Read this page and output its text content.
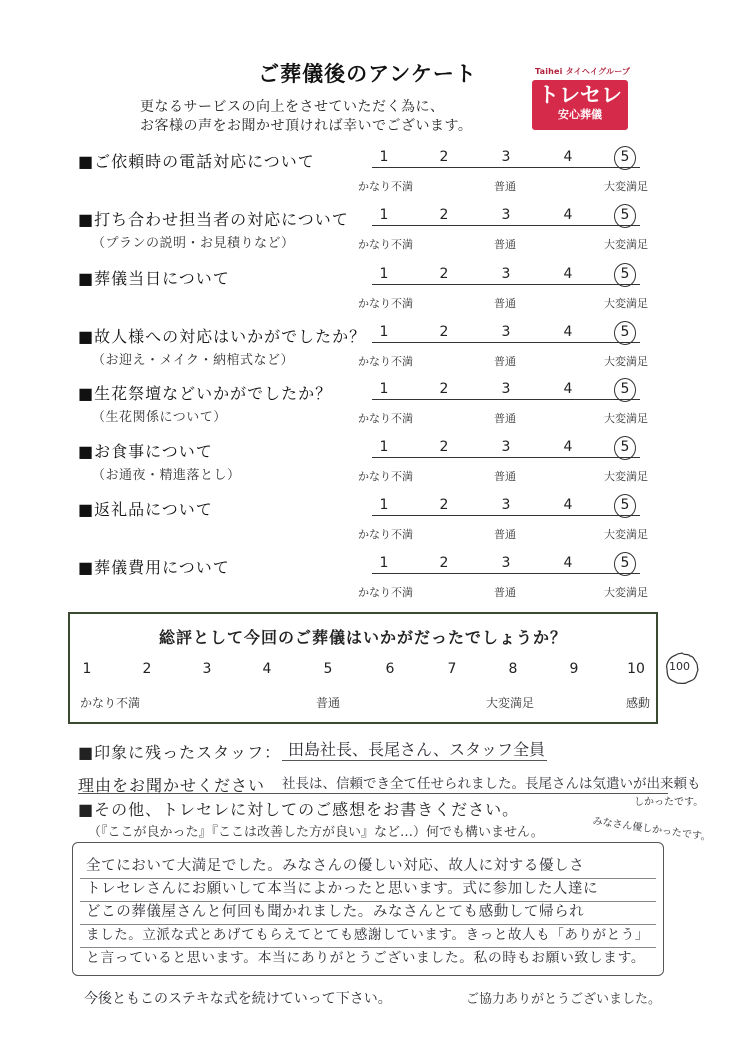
ご葬儀後のアンケート
更なるサービスの向上をさせていただく為に、
お客様の声をお聞かせ頂ければ幸いでございます。
Taihei タイヘイグループ
トレセレ
安心葬儀
■ご依頼時の電話対応について	1	2	3	4	5
かなり不満	普通	大変満足
■打ち合わせ担当者の対応について
（プランの説明・お見積りなど）
1	2	3	4	5
かなり不満	普通	大変満足
■葬儀当日について	1	2	3	4	5
かなり不満	普通	大変満足
■故人様への対応はいかがでしたか？
（お迎え・メイク・納棺式など）
1	2	3	4	5
かなり不満	普通	大変満足
■生花祭壇などいかがでしたか？
（生花関係について）
1	2	3	4	5
かなり不満	普通	大変満足
■お食事について
（お通夜・精進落とし）
1	2	3	4	5
かなり不満	普通	大変満足
■返礼品について	1	2	3	4	5
かなり不満	普通	大変満足
■葬儀費用について	1	2	3	4	5
かなり不満	普通	大変満足
総評として今回のご葬儀はいかがだったでしょうか？
1	2	3	4	5	6	7	8	9	10
かなり不満	普通	大変満足	感動
100
■印象に残ったスタッフ： 田島社長、長尾さん、スタッフ全員
理由をお聞かせください 社長は、信頼でき全て任せられました。長尾さんは気遣いが出来頼も
しかったです。
みなさん優しかったです。
■その他、トレセレに対してのご感想をお書きください。
（『ここが良かった』『ここは改善した方が良い』など…）何でも構いません。
全てにおいて大満足でした。みなさんの優しい対応、故人に対する優しさ
トレセレさんにお願いして本当によかったと思います。式に参加した人達に
どこの葬儀屋さんと何回も聞かれました。みなさんとても感動して帰られ
ました。立派な式とあげてもらえてとても感謝しています。きっと故人も「ありがとう」
と言っていると思います。本当にありがとうございました。私の時もお願い致します。
今後ともこのステキな式を続けていって下さい。	ご協力ありがとうございました。
